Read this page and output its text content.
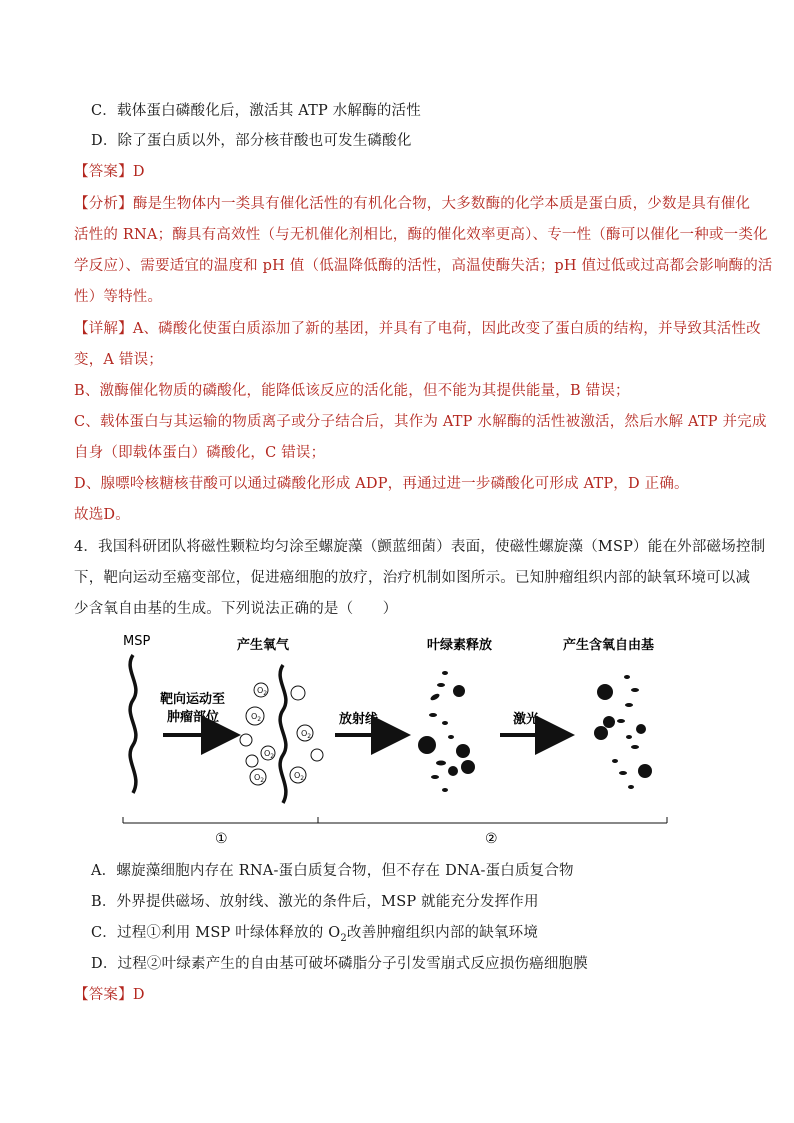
C．载体蛋白磷酸化后，激活其 ATP 水解酶的活性
D．除了蛋白质以外，部分核苷酸也可发生磷酸化
【答案】D
【分析】酶是生物体内一类具有催化活性的有机化合物，大多数酶的化学本质是蛋白质，少数是具有催化
活性的 RNA；酶具有高效性（与无机催化剂相比，酶的催化效率更高）、专一性（酶可以催化一种或一类化
学反应）、需要适宜的温度和 pH 值（低温降低酶的活性，高温使酶失活；pH 值过低或过高都会影响酶的活
性）等特性。
【详解】A、磷酸化使蛋白质添加了新的基团，并具有了电荷，因此改变了蛋白质的结构，并导致其活性改
变，A 错误；
B、激酶催化物质的磷酸化，能降低该反应的活化能，但不能为其提供能量，B 错误；
C、载体蛋白与其运输的物质离子或分子结合后，其作为 ATP 水解酶的活性被激活，然后水解 ATP 并完成
自身（即载体蛋白）磷酸化，C 错误；
D、腺嘌呤核糖核苷酸可以通过磷酸化形成 ADP，再通过进一步磷酸化可形成 ATP，D 正确。
故选D。
4．我国科研团队将磁性颗粒均匀涂至螺旋藻（颤蓝细菌）表面，使磁性螺旋藻（MSP）能在外部磁场控制
下，靶向运动至癌变部位，促进癌细胞的放疗，治疗机制如图所示。已知肿瘤组织内部的缺氧环境可以减
少含氧自由基的生成。下列说法正确的是（　　）
MSP
靶向运动至
肿瘤部位
产生氧气
$O_2$
$O_2$
$O_2$
$O_2$
$O_2$
$O_2$
放射线
叶绿素释放
激光
产生含氧自由基
①	②
A．螺旋藻细胞内存在 RNA-蛋白质复合物，但不存在 DNA-蛋白质复合物
B．外界提供磁场、放射线、激光的条件后，MSP 就能充分发挥作用
C．过程①利用 MSP 叶绿体释放的 $O_2$改善肿瘤组织内部的缺氧环境
D．过程②叶绿素产生的自由基可破坏磷脂分子引发雪崩式反应损伤癌细胞膜
【答案】D
